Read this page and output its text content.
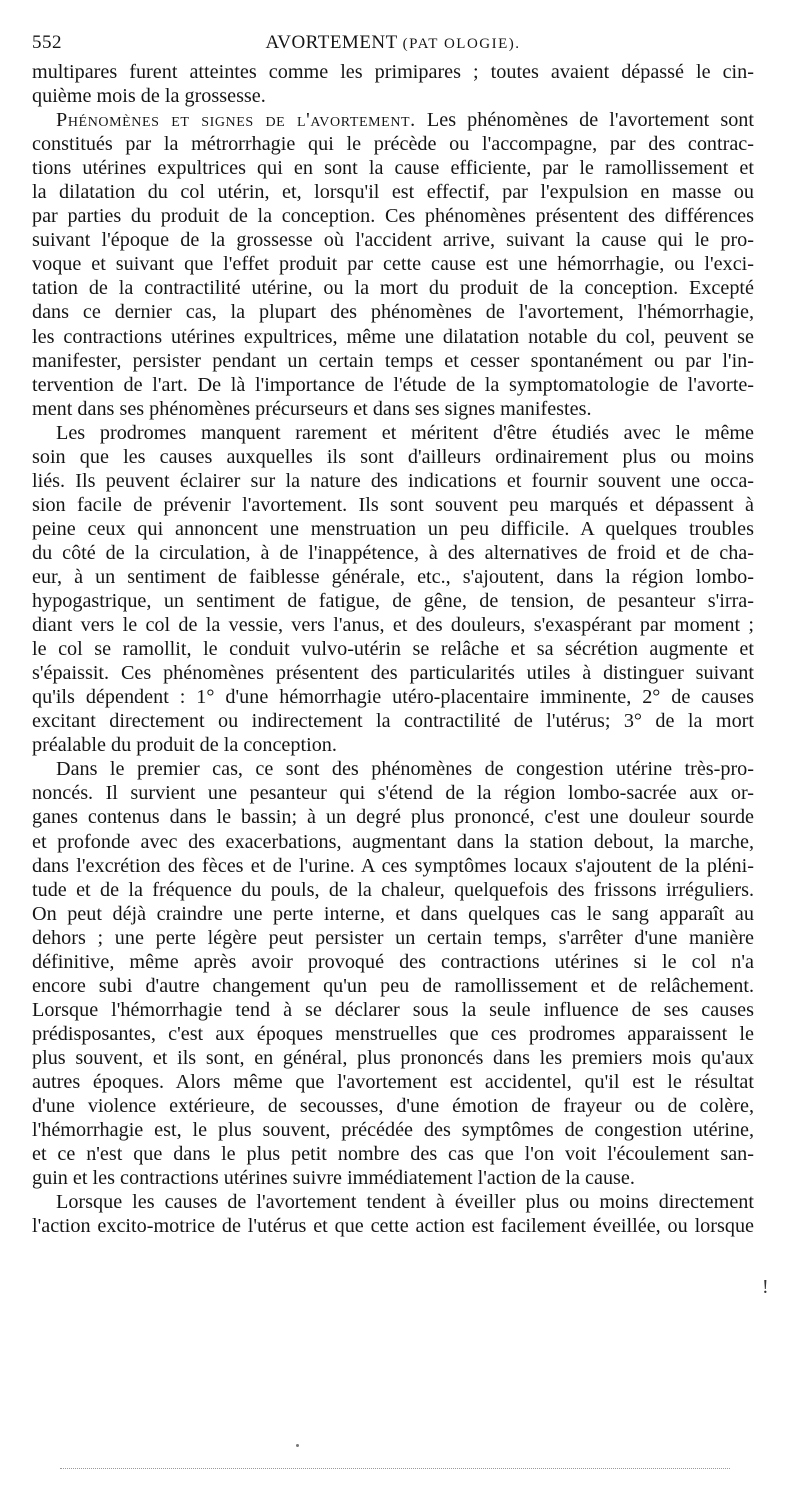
552	AVORTEMENT (PAT OLOGIE).

multipares furent atteintes comme les primipares ; toutes avaient dépassé le cin-

quième mois de la grossesse.

Phénomènes et signes de l'avortement. Les phénomènes de l'avortement sont

constitués par la métrorrhagie qui le précède ou l'accompagne, par des contrac-

tions utérines expultrices qui en sont la cause efficiente, par le ramollissement et

la dilatation du col utérin, et, lorsqu'il est effectif, par l'expulsion en masse ou

par parties du produit de la conception. Ces phénomènes présentent des différences

suivant l'époque de la grossesse où l'accident arrive, suivant la cause qui le pro-

voque et suivant que l'effet produit par cette cause est une hémorrhagie, ou l'exci-

tation de la contractilité utérine, ou la mort du produit de la conception. Excepté

dans ce dernier cas, la plupart des phénomènes de l'avortement, l'hémorrhagie,

les contractions utérines expultrices, même une dilatation notable du col, peuvent se

manifester, persister pendant un certain temps et cesser spontanément ou par l'in-

tervention de l'art. De là l'importance de l'étude de la symptomatologie de l'avorte-

ment dans ses phénomènes précurseurs et dans ses signes manifestes.

Les prodromes manquent rarement et méritent d'être étudiés avec le même

soin que les causes auxquelles ils sont d'ailleurs ordinairement plus ou moins

liés. Ils peuvent éclairer sur la nature des indications et fournir souvent une occa-

sion facile de prévenir l'avortement. Ils sont souvent peu marqués et dépassent à

peine ceux qui annoncent une menstruation un peu difficile. A quelques troubles

du côté de la circulation, à de l'inappétence, à des alternatives de froid et de cha-

eur, à un sentiment de faiblesse générale, etc., s'ajoutent, dans la région lombo-

hypogastrique, un sentiment de fatigue, de gêne, de tension, de pesanteur s'irra-

diant vers le col de la vessie, vers l'anus, et des douleurs, s'exaspérant par moment ;

le col se ramollit, le conduit vulvo-utérin se relâche et sa sécrétion augmente et

s'épaissit. Ces phénomènes présentent des particularités utiles à distinguer suivant

qu'ils dépendent : 1° d'une hémorrhagie utéro-placentaire imminente, 2° de causes

excitant directement ou indirectement la contractilité de l'utérus; 3° de la mort

préalable du produit de la conception.

Dans le premier cas, ce sont des phénomènes de congestion utérine très-pro-

noncés. Il survient une pesanteur qui s'étend de la région lombo-sacrée aux or-

ganes contenus dans le bassin; à un degré plus prononcé, c'est une douleur sourde

et profonde avec des exacerbations, augmentant dans la station debout, la marche,

dans l'excrétion des fèces et de l'urine. A ces symptômes locaux s'ajoutent de la pléni-

tude et de la fréquence du pouls, de la chaleur, quelquefois des frissons irréguliers.

On peut déjà craindre une perte interne, et dans quelques cas le sang apparaît au

dehors ; une perte légère peut persister un certain temps, s'arrêter d'une manière

définitive, même après avoir provoqué des contractions utérines si le col n'a

encore subi d'autre changement qu'un peu de ramollissement et de relâchement.

Lorsque l'hémorrhagie tend à se déclarer sous la seule influence de ses causes

prédisposantes, c'est aux époques menstruelles que ces prodromes apparaissent le

plus souvent, et ils sont, en général, plus prononcés dans les premiers mois qu'aux

autres époques. Alors même que l'avortement est accidentel, qu'il est le résultat

d'une violence extérieure, de secousses, d'une émotion de frayeur ou de colère,

l'hémorrhagie est, le plus souvent, précédée des symptômes de congestion utérine,

et ce n'est que dans le plus petit nombre des cas que l'on voit l'écoulement san-

guin et les contractions utérines suivre immédiatement l'action de la cause.

Lorsque les causes de l'avortement tendent à éveiller plus ou moins directement

l'action excito-motrice de l'utérus et que cette action est facilement éveillée, ou lorsque

!
